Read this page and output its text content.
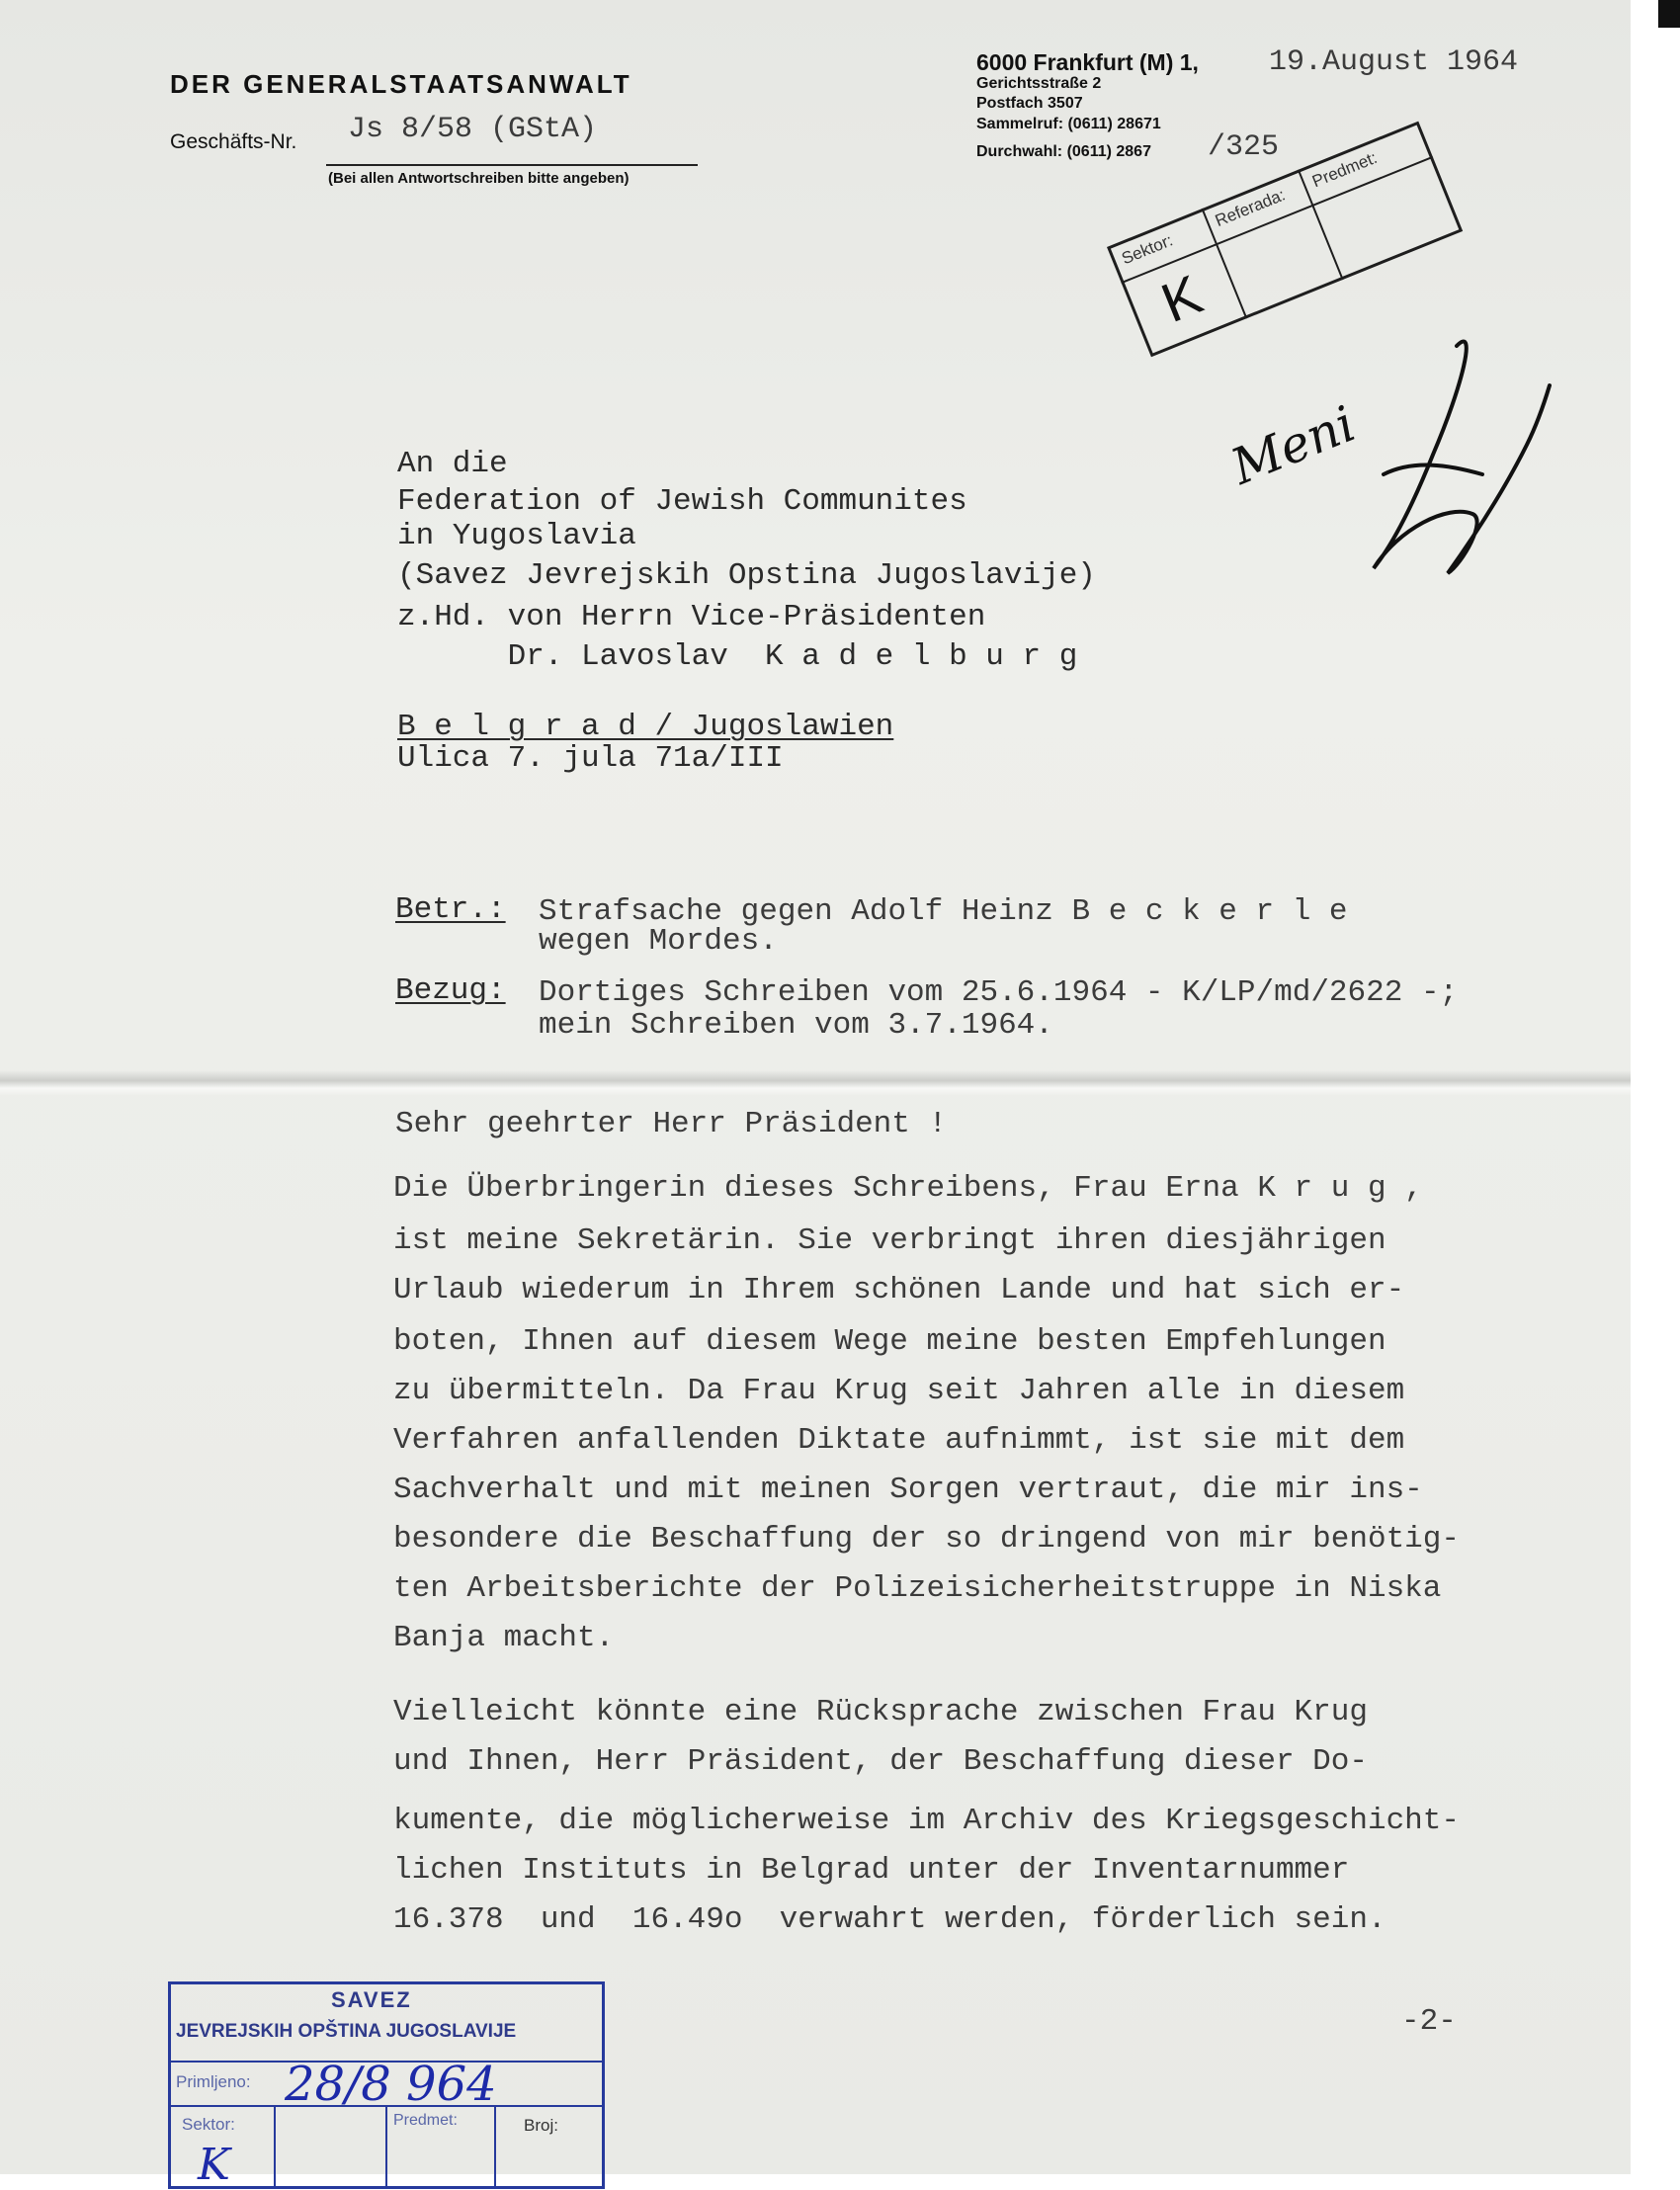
DER GENERALSTAATSANWALT
Geschäfts-Nr. Js 8/58 (GStA)
(Bei allen Antwortschreiben bitte angeben)
6000 Frankfurt (M) 1, 19.August 1964
Gerichtsstraße 2
Postfach 3507
Sammelruf: (0611) 28671
Durchwahl: (0611) 2867 /325
Sektor:
Referada:
Predmet:
K
Meni
An die
Federation of Jewish Communites
in Yugoslavia
(Savez Jevrejskih Opstina Jugoslavije)
z.Hd. von Herrn Vice-Präsidenten
Dr. Lavoslav  K a d e l b u r g
B e l g r a d / Jugoslawien
Ulica 7. jula 71a/III
Betr.: Strafsache gegen Adolf Heinz B e c k e r l e
wegen Mordes.
Bezug: Dortiges Schreiben vom 25.6.1964 - K/LP/md/2622 -;
mein Schreiben vom 3.7.1964.
Sehr geehrter Herr Präsident !
Die Überbringerin dieses Schreibens, Frau Erna K r u g ,
ist meine Sekretärin. Sie verbringt ihren diesjährigen
Urlaub wiederum in Ihrem schönen Lande und hat sich er-
boten, Ihnen auf diesem Wege meine besten Empfehlungen
zu übermitteln. Da Frau Krug seit Jahren alle in diesem
Verfahren anfallenden Diktate aufnimmt, ist sie mit dem
Sachverhalt und mit meinen Sorgen vertraut, die mir ins-
besondere die Beschaffung der so dringend von mir benötig-
ten Arbeitsberichte der Polizeisicherheitstruppe in Niska
Banja macht.
Vielleicht könnte eine Rücksprache zwischen Frau Krug
und Ihnen, Herr Präsident, der Beschaffung dieser Do-
kumente, die möglicherweise im Archiv des Kriegsgeschicht-
lichen Instituts in Belgrad unter der Inventarnummer
16.378  und  16.49o  verwahrt werden, förderlich sein.
-2-
SAVEZ
JEVREJSKIH OPŠTINA JUGOSLAVIJE
Primljeno: 28/8 964
Sektor:	Predmet:	Broj:
K
